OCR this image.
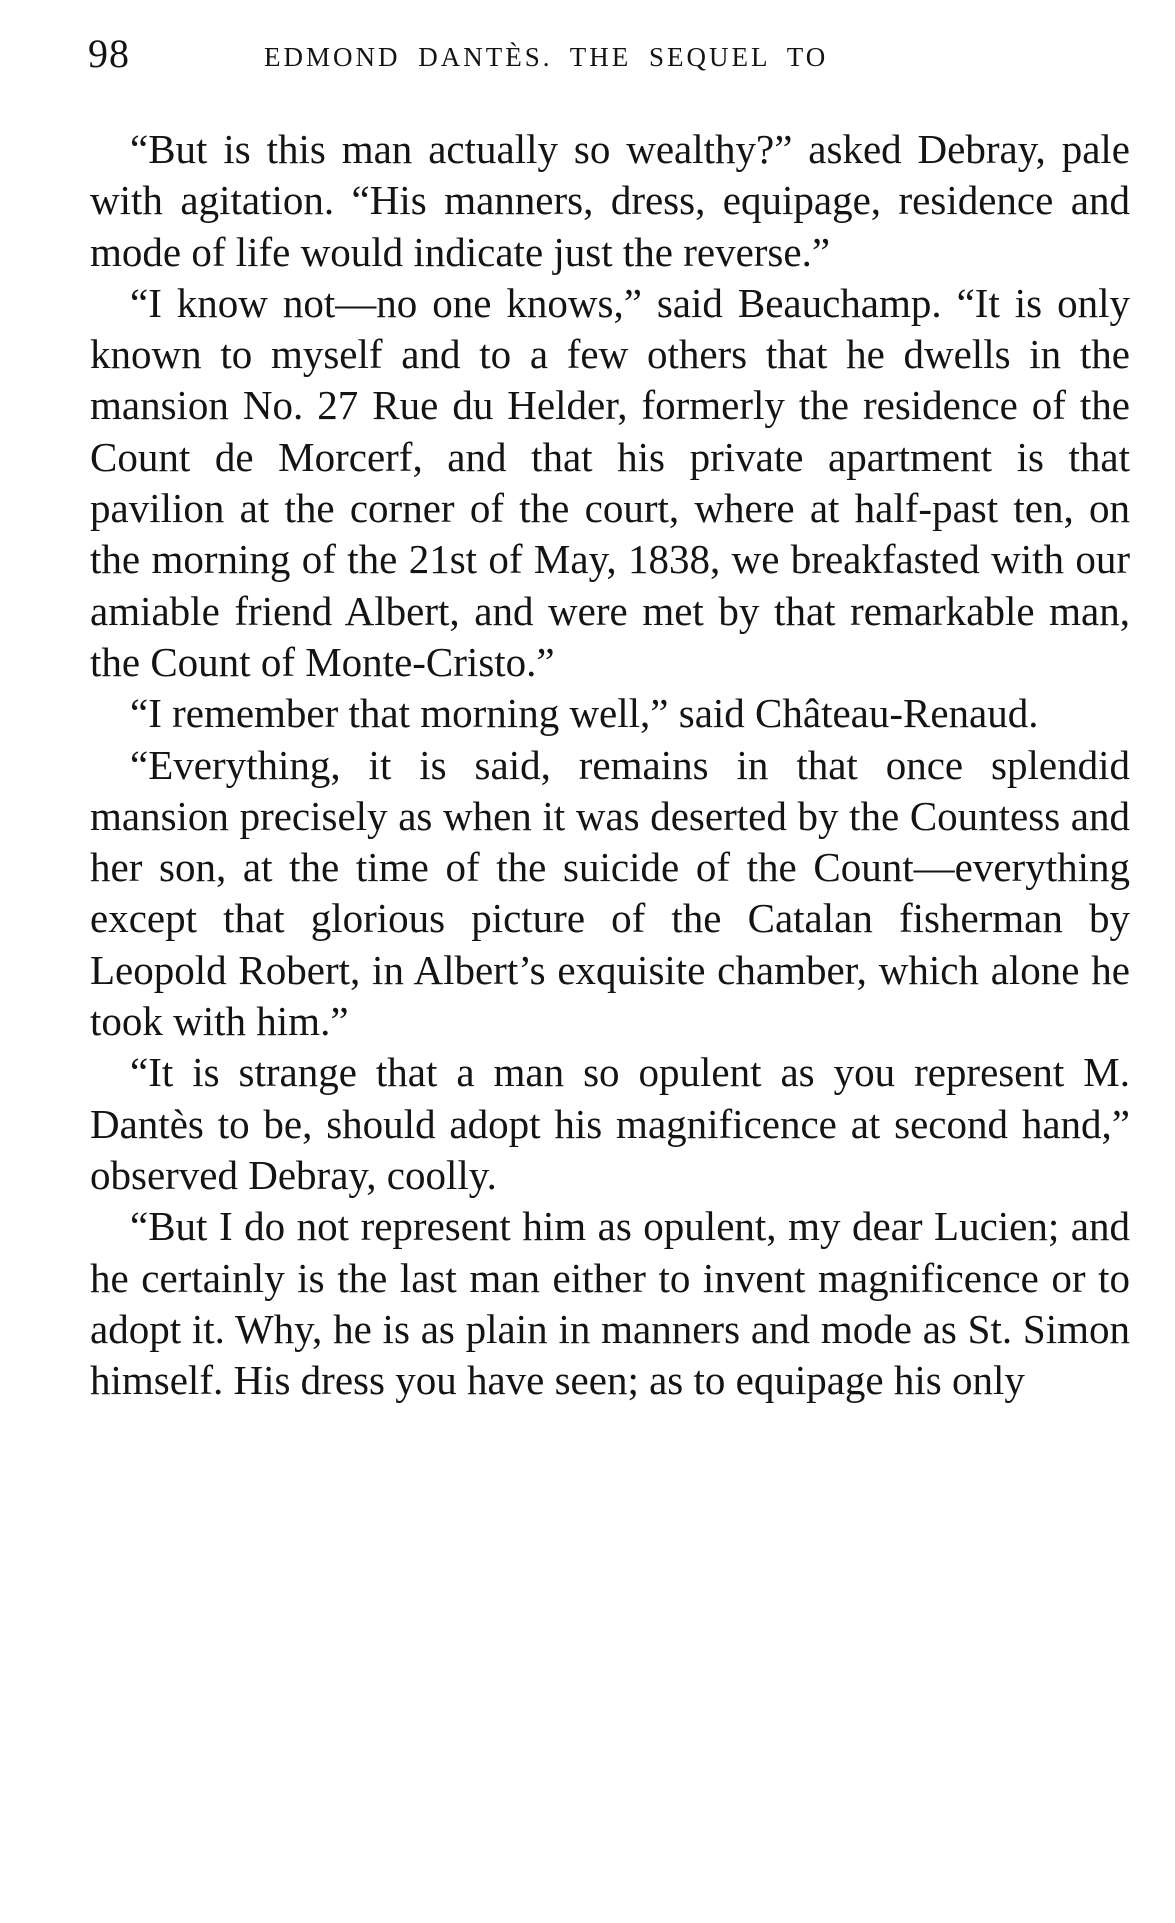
98	EDMOND DANTÈS. THE SEQUEL TO

“But is this man actually so wealthy?” asked Debray, pale with agitation. “His manners, dress, equipage, residence and mode of life would indicate just the reverse.”

“I know not—no one knows,” said Beauchamp. “It is only known to myself and to a few others that he dwells in the mansion No. 27 Rue du Helder, formerly the residence of the Count de Morcerf, and that his private apartment is that pavilion at the corner of the court, where at half-past ten, on the morning of the 21st of May, 1838, we breakfasted with our amiable friend Albert, and were met by that remarkable man, the Count of Monte-Cristo.”

“I remember that morning well,” said Château-Renaud.

“Everything, it is said, remains in that once splendid mansion precisely as when it was deserted by the Countess and her son, at the time of the suicide of the Count—everything except that glorious picture of the Catalan fisherman by Leopold Robert, in Albert’s exquisite chamber, which alone he took with him.”

“It is strange that a man so opulent as you represent M. Dantès to be, should adopt his magnificence at second hand,” observed Debray, coolly.

“But I do not represent him as opulent, my dear Lucien; and he certainly is the last man either to invent magnificence or to adopt it. Why, he is as plain in manners and mode as St. Simon himself. His dress you have seen; as to equipage his only
